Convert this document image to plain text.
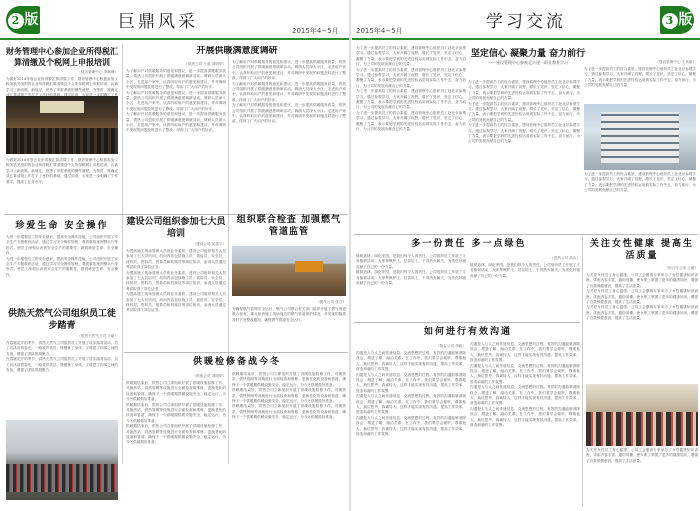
2 版	巨鼎风采	2015年4−5月
财务管理中心参加企业所得税汇算清缴及个税网上申报培训
（财务管理中心 李琳琳）
为做好2014年度企业所得税汇算清缴工作，财务管理中心积极参加了税务机关组织的企业所得税汇算清缴及个人所得税网上申报培训，认真学习了新政策、新规定，熟悉了申报系统的操作流程，为按时、准确完
为做好2014年度企业所得税汇算清缴工作，财务管理中心积极参加了税务机关组织的企业所得税汇算清缴及个人所得税网上申报培训，认真学习了新政策、新规定，熟悉了申报系统的操作流程，为按时、准确完成汇算清缴工作打下了良好的基础。通过培训，大家进一步明确了工作要求，提高了业务水平。
开展供暖满意度调研
（供热公司 王欢 刘明华）
为了解用户对供暖服务的意见和建议，进一步提高供暖服务质量，供热公司组织开展了供暖满意度调研活动。调研人员深入小区、走进用户家中，认真听取用户的意见和建议，并对调研中发现的问题及时进行了整改，得到了广大用户的好评。
为了解用户对供暖服务的意见和建议，进一步提高供暖服务质量，供热公司组织开展了供暖满意度调研活动。调研人员深入小区、走进用户家中，认真听取用户的意见和建议，并对调研中发现的问题及时进行了整改，得到了广大用户的好评。
为了解用户对供暖服务的意见和建议，进一步提高供暖服务质量，供热公司组织开展了供暖满意度调研活动。调研人员深入小区、走进用户家中，认真听取用户的意见和建议，并对调研中发现的问题及时进行了整改，得到了广大用户的好评。
为了解用户对供暖服务的意见和建议，进一步提高供暖服务质量，供热公司组织开展了供暖满意度调研活动。调研人员深入小区、走进用户家中，认真听取用户的意见和建议，并对调研中发现的问题及时进行了整改，得到了广大用户的好评。
为了解用户对供暖服务的意见和建议，进一步提高供暖服务质量，供热公司组织开展了供暖满意度调研活动。调研人员深入小区、走进用户家中，认真听取用户的意见和建议，并对调研中发现的问题及时进行了整改，得到了广大用户的好评。
为了解用户对供暖服务的意见和建议，进一步提高供暖服务质量，供热公司组织开展了供暖满意度调研活动。调研人员深入小区、走进用户家中，认真听取用户的意见和建议，并对调研中发现的问题及时进行了整改，得到了广大用户的好评。
珍爱生命 安全操作
为进一步增强员工的安全意识，提高安全操作技能，公司组织开展了安全生产专题教育活动，通过学习安全操作规程、观看事故案例警示片等形式，使员工深刻认识到安全生产的重要性，做到珍爱生命、安全操作。
为进一步增强员工的安全意识，提高安全操作技能，公司组织开展了安全生产专题教育活动，通过学习安全操作规程、观看事故案例警示片等形式，使员工深刻认识到安全生产的重要性，做到珍爱生命、安全操作。
建设公司组织参加七大员培训
（建设公司 吴建平）
为提高施工现场管理人员的业务素质，建设公司组织相关人员参加了七大员培训，培训内容包括施工员、质检员、安全员、材料员、资料员、预算员和机械员等岗位知识，参训人员通过考试取得了岗位证书。
为提高施工现场管理人员的业务素质，建设公司组织相关人员参加了七大员培训，培训内容包括施工员、质检员、安全员、材料员、资料员、预算员和机械员等岗位知识，参训人员通过考试取得了岗位证书。
为提高施工现场管理人员的业务素质，建设公司组织相关人员参加了七大员培训，培训内容包括施工员、质检员、安全员、材料员、资料员、预算员和机械员等岗位知识，参训人员通过考试取得了岗位证书。
组织联合检查 加强燃气管道监管
（燃气公司 张立）
为确保燃气管网安全运行，燃气公司联合有关部门组织开展了燃气管道联合检查，重点检查施工现场周边的燃气管道保护情况，对发现的隐患及时下发整改通知，确保燃气管道安全运行。
供热天然气公司组织员工徒步踏青
（供热天然气公司 于丽）
在春暖花开的季节，供热天然气公司组织员工开展了徒步踏青活动，员工们沐浴着春光，一路欢声笑语，既锻炼了身体，又增进了同事之间的友谊，增强了团队的凝聚力。
在春暖花开的季节，供热天然气公司组织员工开展了徒步踏青活动，员工们沐浴着春光，一路欢声笑语，既锻炼了身体，又增进了同事之间的友谊，增强了团队的凝聚力。
供暖检修备战今冬
（供热公司 刘明华）
供暖期结束后，供热公司立即组织开展了供暖设施检修工作，对换热站、供热管网等设施进行全面检查和维修，更换老化的设备和管道，确保下一个供暖期供暖设施安全、稳定运行，为今冬供暖做好准备。
供暖期结束后，供热公司立即组织开展了供暖设施检修工作，对换热站、供热管网等设施进行全面检查和维修，更换老化的设备和管道，确保下一个供暖期供暖设施安全、稳定运行，为今冬供暖做好准备。
供暖期结束后，供热公司立即组织开展了供暖设施检修工作，对换热站、供热管网等设施进行全面检查和维修，更换老化的设备和管道，确保下一个供暖期供暖设施安全、稳定运行，为今冬供暖做好准备。
供暖期结束后，供热公司立即组织开展了供暖设施检修工作，对换热站、供热管网等设施进行全面检查和维修，更换老化的设备和管道，确保下一个供暖期供暖设施安全、稳定运行，为今冬供暖做好准备。
供暖期结束后，供热公司立即组织开展了供暖设施检修工作，对换热站、供热管网等设施进行全面检查和维修，更换老化的设备和管道，确保下一个供暖期供暖设施安全、稳定运行，为今冬供暖做好准备。
供暖期结束后，供热公司立即组织开展了供暖设施检修工作，对换热站、供热管网等设施进行全面检查和维修，更换老化的设备和管道，确保下一个供暖期供暖设施安全、稳定运行，为今冬供暖做好准备。
2015年4−5月	学习交流	3 版
为了进一步提高员工的综合素质，建设管理中心组织员工赴北京参观学习。通过参观学习，大家开阔了视野，增长了见识，坚定了信心，凝聚了力量，表示要把学到的先进经验运用到实际工作中去，奋力前行，为公司的发展贡献自己的力量。
为了进一步提高员工的综合素质，建设管理中心组织员工赴北京参观学习。通过参观学习，大家开阔了视野，增长了见识，坚定了信心，凝聚了力量，表示要把学到的先进经验运用到实际工作中去，奋力前行，为公司的发展贡献自己的力量。
为了进一步提高员工的综合素质，建设管理中心组织员工赴北京参观学习。通过参观学习，大家开阔了视野，增长了见识，坚定了信心，凝聚了力量，表示要把学到的先进经验运用到实际工作中去，奋力前行，为公司的发展贡献自己的力量。
为了进一步提高员工的综合素质，建设管理中心组织员工赴北京参观学习。通过参观学习，大家开阔了视野，增长了见识，坚定了信心，凝聚了力量，表示要把学到的先进经验运用到实际工作中去，奋力前行，为公司的发展贡献自己的力量。
坚定信心 凝聚力量 奋力前行
——建设管理中心参观北京建一职业教育学习
为了进一步提高员工的综合素质，建设管理中心组织员工赴北京参观学习。通过参观学习，大家开阔了视野，增长了见识，坚定了信心，凝聚了力量，表示要把学到的先进经验运用到实际工作中去，奋力前行，为公司的发展贡献自己的力量。
为了进一步提高员工的综合素质，建设管理中心组织员工赴北京参观学习。通过参观学习，大家开阔了视野，增长了见识，坚定了信心，凝聚了力量，表示要把学到的先进经验运用到实际工作中去，奋力前行，为公司的发展贡献自己的力量。
为了进一步提高员工的综合素质，建设管理中心组织员工赴北京参观学习。通过参观学习，大家开阔了视野，增长了见识，坚定了信心，凝聚了力量，表示要把学到的先进经验运用到实际工作中去，奋力前行，为公司的发展贡献自己的力量。
（建设管理中心 王美丽）
为了进一步提高员工的综合素质，建设管理中心组织员工赴北京参观学习。通过参观学习，大家开阔了视野，增长了见识，坚定了信心，凝聚了力量，表示要把学到的先进经验运用到实际工作中去，奋力前行，为公司的发展贡献自己的力量。
为了进一步提高员工的综合素质，建设管理中心组织员工赴北京参观学习。通过参观学习，大家开阔了视野，增长了见识，坚定了信心，凝聚了力量，表示要把学到的先进经验运用到实际工作中去，奋力前行，为公司的发展贡献自己的力量。
多一份责任 多一点绿色
植树造林，绿化家园，是我们每个人的责任。公司组织员工开展了义务植树活动，大家挥锹铲土、扶苗培土，干得热火朝天，为美化环境贡献了自己的一份力量。
植树造林，绿化家园，是我们每个人的责任。公司组织员工开展了义务植树活动，大家挥锹铲土、扶苗培土，干得热火朝天，为美化环境贡献了自己的一份力量。
（供热公司 高山）
植树造林，绿化家园，是我们每个人的责任。公司组织员工开展了义务植树活动，大家挥锹铲土、扶苗培土，干得热火朝天，为美化环境贡献了自己的一份力量。
关注女性健康 提高生活质量
（综合办公室 王丽）
为关爱女性员工身心健康，公司工会邀请专家举办了女性健康知识讲座，讲座内容丰富、通俗易懂，使女职工掌握了更多的健康知识，增强了自我保健意识，提高了生活质量。
为关爱女性员工身心健康，公司工会邀请专家举办了女性健康知识讲座，讲座内容丰富、通俗易懂，使女职工掌握了更多的健康知识，增强了自我保健意识，提高了生活质量。
为关爱女性员工身心健康，公司工会邀请专家举办了女性健康知识讲座，讲座内容丰富、通俗易懂，使女职工掌握了更多的健康知识，增强了自我保健意识，提高了生活质量。
为关爱女性员工身心健康，公司工会邀请专家举办了女性健康知识讲座，讲座内容丰富、通俗易懂，使女职工掌握了更多的健康知识，增强了自我保健意识，提高了生活质量。
如何进行有效沟通
（物业公司 李晓）
沟通是人与人之间传递信息、交流思想的过程。有效的沟通能够消除误会、增进了解、融洽关系。在工作中，我们要学会倾听，尊重他人，换位思考，真诚待人，这样才能实现有效沟通，提高工作效率，营造和谐的工作氛围。
沟通是人与人之间传递信息、交流思想的过程。有效的沟通能够消除误会、增进了解、融洽关系。在工作中，我们要学会倾听，尊重他人，换位思考，真诚待人，这样才能实现有效沟通，提高工作效率，营造和谐的工作氛围。
沟通是人与人之间传递信息、交流思想的过程。有效的沟通能够消除误会、增进了解、融洽关系。在工作中，我们要学会倾听，尊重他人，换位思考，真诚待人，这样才能实现有效沟通，提高工作效率，营造和谐的工作氛围。
沟通是人与人之间传递信息、交流思想的过程。有效的沟通能够消除误会、增进了解、融洽关系。在工作中，我们要学会倾听，尊重他人，换位思考，真诚待人，这样才能实现有效沟通，提高工作效率，营造和谐的工作氛围。
沟通是人与人之间传递信息、交流思想的过程。有效的沟通能够消除误会、增进了解、融洽关系。在工作中，我们要学会倾听，尊重他人，换位思考，真诚待人，这样才能实现有效沟通，提高工作效率，营造和谐的工作氛围。
沟通是人与人之间传递信息、交流思想的过程。有效的沟通能够消除误会、增进了解、融洽关系。在工作中，我们要学会倾听，尊重他人，换位思考，真诚待人，这样才能实现有效沟通，提高工作效率，营造和谐的工作氛围。
沟通是人与人之间传递信息、交流思想的过程。有效的沟通能够消除误会、增进了解、融洽关系。在工作中，我们要学会倾听，尊重他人，换位思考，真诚待人，这样才能实现有效沟通，提高工作效率，营造和谐的工作氛围。
沟通是人与人之间传递信息、交流思想的过程。有效的沟通能够消除误会、增进了解、融洽关系。在工作中，我们要学会倾听，尊重他人，换位思考，真诚待人，这样才能实现有效沟通，提高工作效率，营造和谐的工作氛围。
